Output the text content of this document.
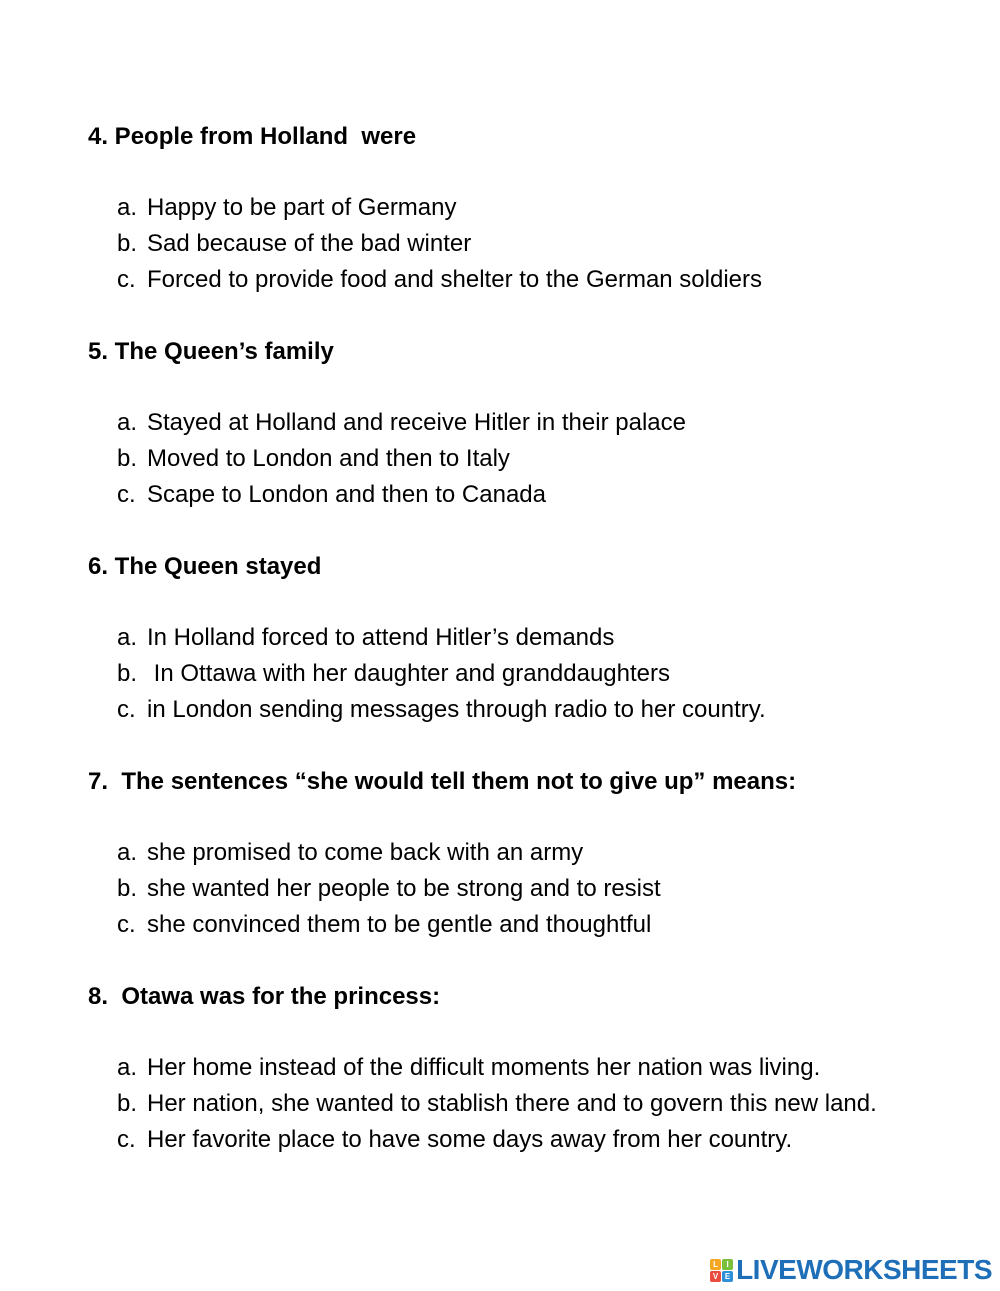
4. People from Holland  were

a. Happy to be part of Germany
b. Sad because of the bad winter
c. Forced to provide food and shelter to the German soldiers

5. The Queen’s family

a. Stayed at Holland and receive Hitler in their palace
b. Moved to London and then to Italy
c. Scape to London and then to Canada

6. The Queen stayed

a. In Holland forced to attend Hitler’s demands
b. In Ottawa with her daughter and granddaughters
c. in London sending messages through radio to her country.

7.  The sentences “she would tell them not to give up” means:

a. she promised to come back with an army
b. she wanted her people to be strong and to resist
c. she convinced them to be gentle and thoughtful

8.  Otawa was for the princess:

a. Her home instead of the difficult moments her nation was living.
b. Her nation, she wanted to stablish there and to govern this new land.
c. Her favorite place to have some days away from her country.
L	I
V E LIVEWORKSHEETS
